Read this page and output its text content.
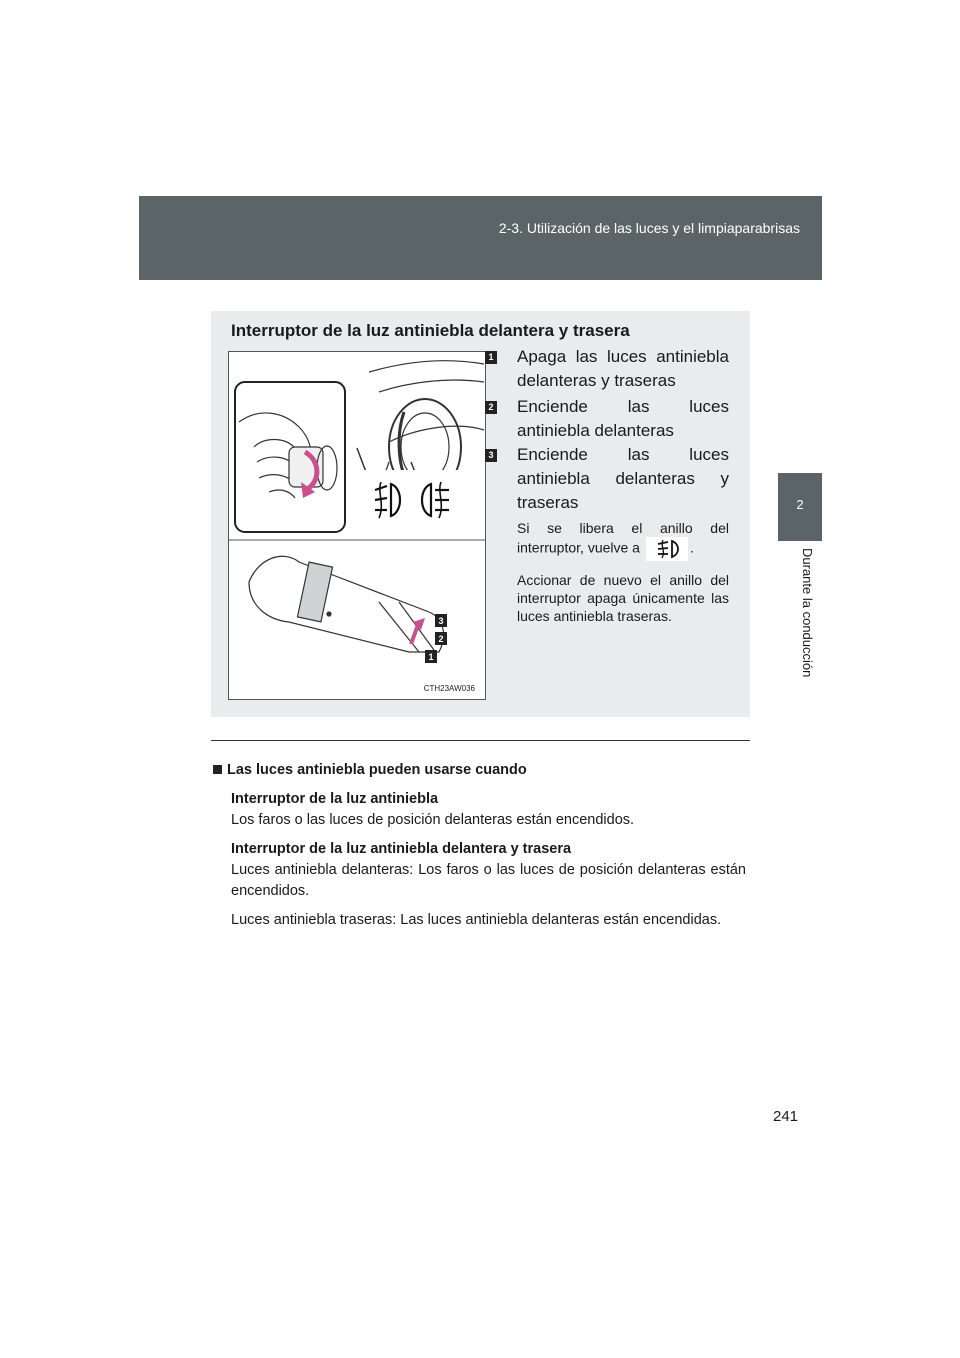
2-3. Utilización de las luces y el limpiaparabrisas
2
Durante la conducción
Interruptor de la luz antiniebla delantera y trasera
3
2
1
CTH23AW036
1 Apaga las luces antiniebla delanteras y traseras
2 Enciende las luces antiniebla delanteras
3 Enciende las luces antiniebla delanteras y traseras
Si se libera el anillo del interruptor, vuelve a	.
Accionar de nuevo el anillo del interruptor apaga únicamente las luces antiniebla traseras.

Las luces antiniebla pueden usarse cuando

Interruptor de la luz antiniebla

Los faros o las luces de posición delanteras están encendidos.

Interruptor de la luz antiniebla delantera y trasera

Luces antiniebla delanteras: Los faros o las luces de posición delanteras están encendidos.

Luces antiniebla traseras: Las luces antiniebla delanteras están encendidas.

241
